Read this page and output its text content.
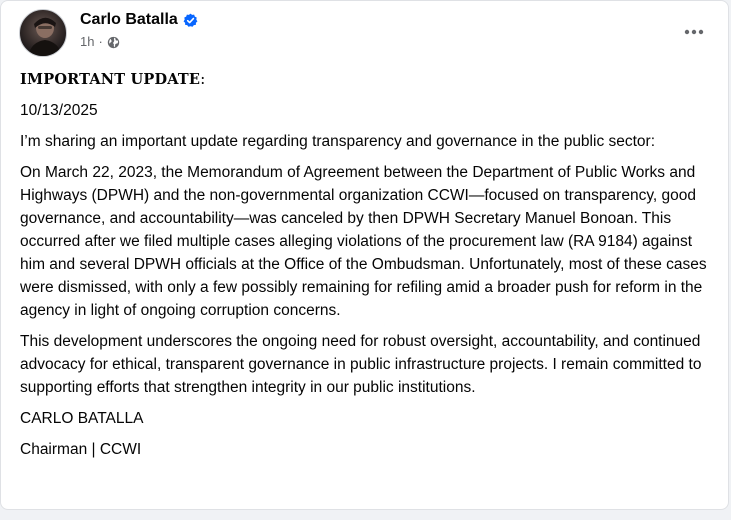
Carlo Batalla
1h ·

IMPORTANT UPDATE:

10/13/2025

I’m sharing an important update regarding transparency and governance in the public sector:

On March 22, 2023, the Memorandum of Agreement between the Department of Public Works and Highways (DPWH) and the non-governmental organization CCWI—focused on transparency, good governance, and accountability—was canceled by then DPWH Secretary Manuel Bonoan. This occurred after we filed multiple cases alleging violations of the procurement law (RA 9184) against him and several DPWH officials at the Office of the Ombudsman. Unfortunately, most of these cases were dismissed, with only a few possibly remaining for refiling amid a broader push for reform in the agency in light of ongoing corruption concerns.

This development underscores the ongoing need for robust oversight, accountability, and continued advocacy for ethical, transparent governance in public infrastructure projects. I remain committed to supporting efforts that strengthen integrity in our public institutions.

CARLO BATALLA

Chairman | CCWI
